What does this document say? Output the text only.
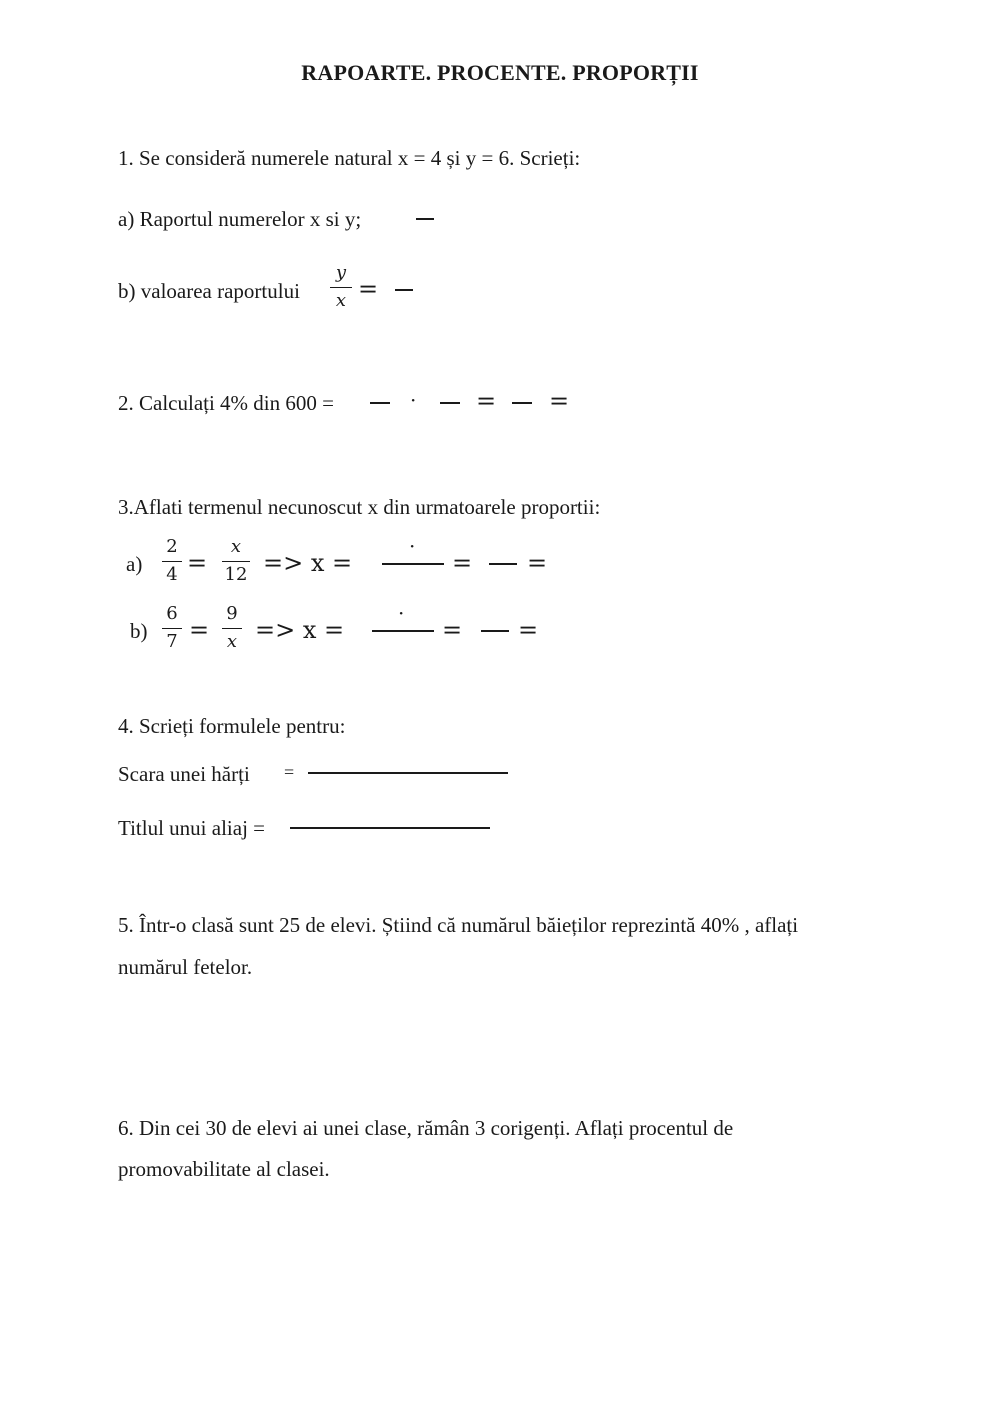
RAPOARTE. PROCENTE. PROPORȚII
1. Se consideră numerele natural x = 4 și y = 6. Scrieți:
a) Raportul numerelor x si y;
b) valoarea raportului
y
x =
2. Calculați 4% din 600 =	· = =
3.Aflati termenul necunoscut x din urmatoarele proportii:
a)
2
4 =
x
12 => x =
·
= =
b)
6
7 =
9
x => x =
·
= =
4. Scrieți formulele pentru:
Scara unei hărți =
Titlul unui aliaj =
5. Într-o clasă sunt 25 de elevi. Știind că numărul băieților reprezintă 40% , aflați
numărul fetelor.
6. Din cei 30 de elevi ai unei clase, rămân 3 corigenți. Aflați procentul de
promovabilitate al clasei.
